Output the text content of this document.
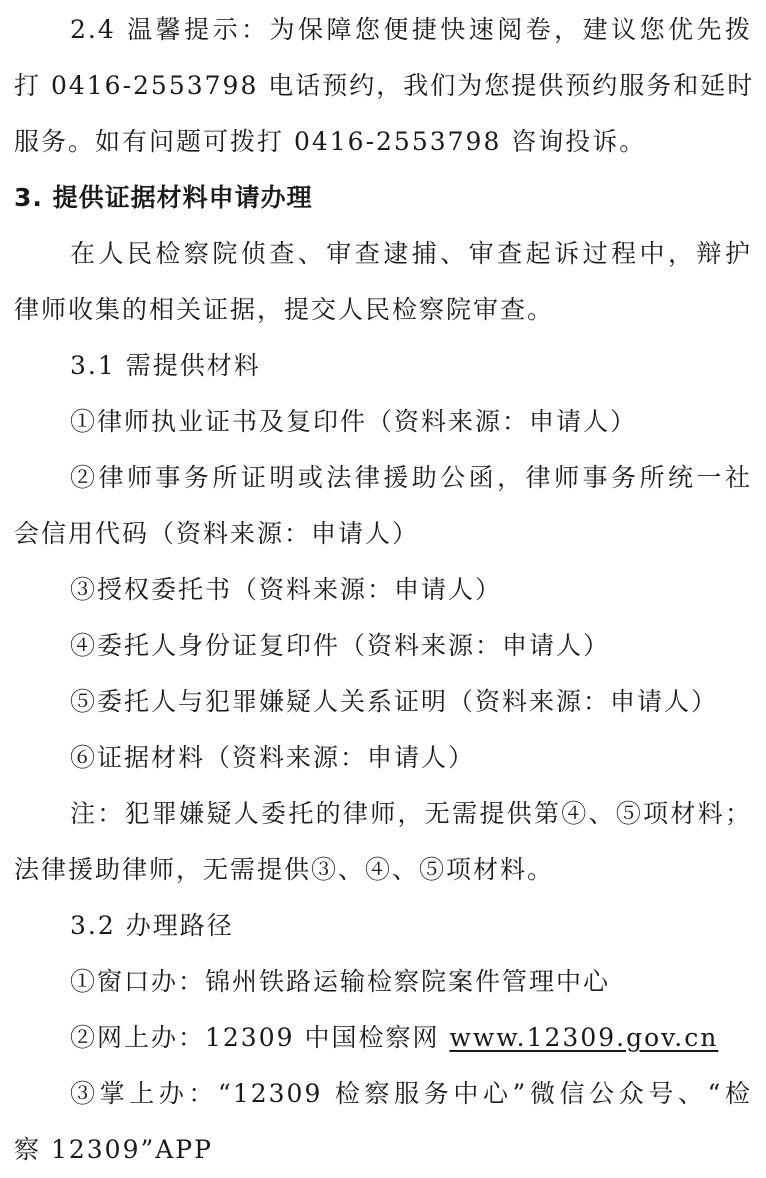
2.4 温馨提示：为保障您便捷快速阅卷，建议您优先拨
打 0416-2553798 电话预约，我们为您提供预约服务和延时
服务。如有问题可拨打 0416-2553798 咨询投诉。
3. 提供证据材料申请办理
在人民检察院侦查、审查逮捕、审查起诉过程中，辩护
律师收集的相关证据，提交人民检察院审查。
3.1 需提供材料
①律师执业证书及复印件（资料来源：申请人）
②律师事务所证明或法律援助公函，律师事务所统一社
会信用代码（资料来源：申请人）
③授权委托书（资料来源：申请人）
④委托人身份证复印件（资料来源：申请人）
⑤委托人与犯罪嫌疑人关系证明（资料来源：申请人）
⑥证据材料（资料来源：申请人）
注：犯罪嫌疑人委托的律师，无需提供第④、⑤项材料；
法律援助律师，无需提供③、④、⑤项材料。
3.2 办理路径
①窗口办：锦州铁路运输检察院案件管理中心
②网上办：12309 中国检察网 www.12309.gov.cn
③掌上办：“12309 检察服务中心”微信公众号、“检
察 12309”APP
